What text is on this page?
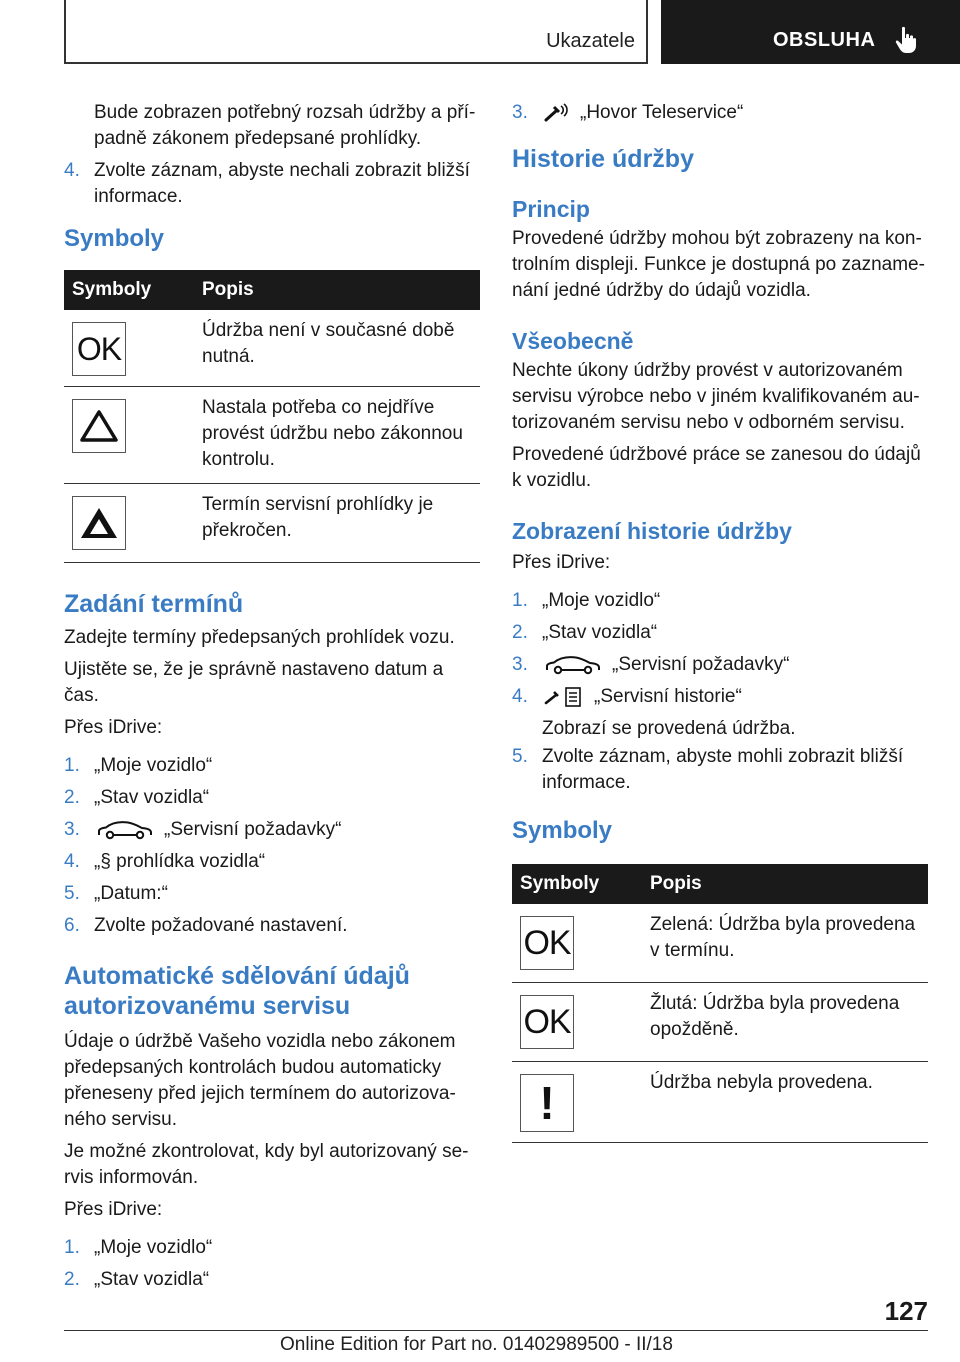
Ukazatele	OBSLUHA

Bude zobrazen potřebný rozsah údržby a případně zákonem předepsané prohlídky.

4. Zvolte záznam, abyste nechali zobrazit bližší informace.
Symboly
Symboly	Popis

OK	Údržba není v současné době nutná.

	Nastala potřeba co nejdříve provést údržbu nebo zákonnou kontrolu.

	Termín servisní prohlídky je překročen.
Zadání termínů

Zadejte termíny předepsaných prohlídek vozu.

Ujistěte se, že je správně nastaveno datum a čas.

Přes iDrive:

1. „Moje vozidlo“
2. „Stav vozidla“
3.	„Servisní požadavky“
4. „§ prohlídka vozidla“
5. „Datum:“
6. Zvolte požadované nastavení.
Automatické sdělování údajů autorizovanému servisu

Údaje o údržbě Vašeho vozidla nebo zákonem předepsaných kontrolách budou automaticky přeneseny před jejich termínem do autorizovaného servisu.

Je možné zkontrolovat, kdy byl autorizovaný servis informován.

Přes iDrive:

1. „Moje vozidlo“
2. „Stav vozidla“
3.	„Hovor Teleservice“
Historie údržby
Princip

Provedené údržby mohou být zobrazeny na kontrolním displeji. Funkce je dostupná po zaznamenání jedné údržby do údajů vozidla.

Všeobecně

Nechte úkony údržby provést v autorizovaném servisu výrobce nebo v jiném kvalifikovaném autorizovaném servisu nebo v odborném servisu.

Provedené údržbové práce se zanesou do údajů k vozidlu.

Zobrazení historie údržby

Přes iDrive:

1. „Moje vozidlo“
2. „Stav vozidla“
3.	„Servisní požadavky“
4.	„Servisní historie“
Zobrazí se provedená údržba.
5. Zvolte záznam, abyste mohli zobrazit bližší informace.
Symboly
Symboly	Popis

OK	Zelená: Údržba byla provedena v termínu.

OK	Žlutá: Údržba byla provedena opožděně.

!	Údržba nebyla provedena.
127
Online Edition for Part no. 01402989500 - II/18
